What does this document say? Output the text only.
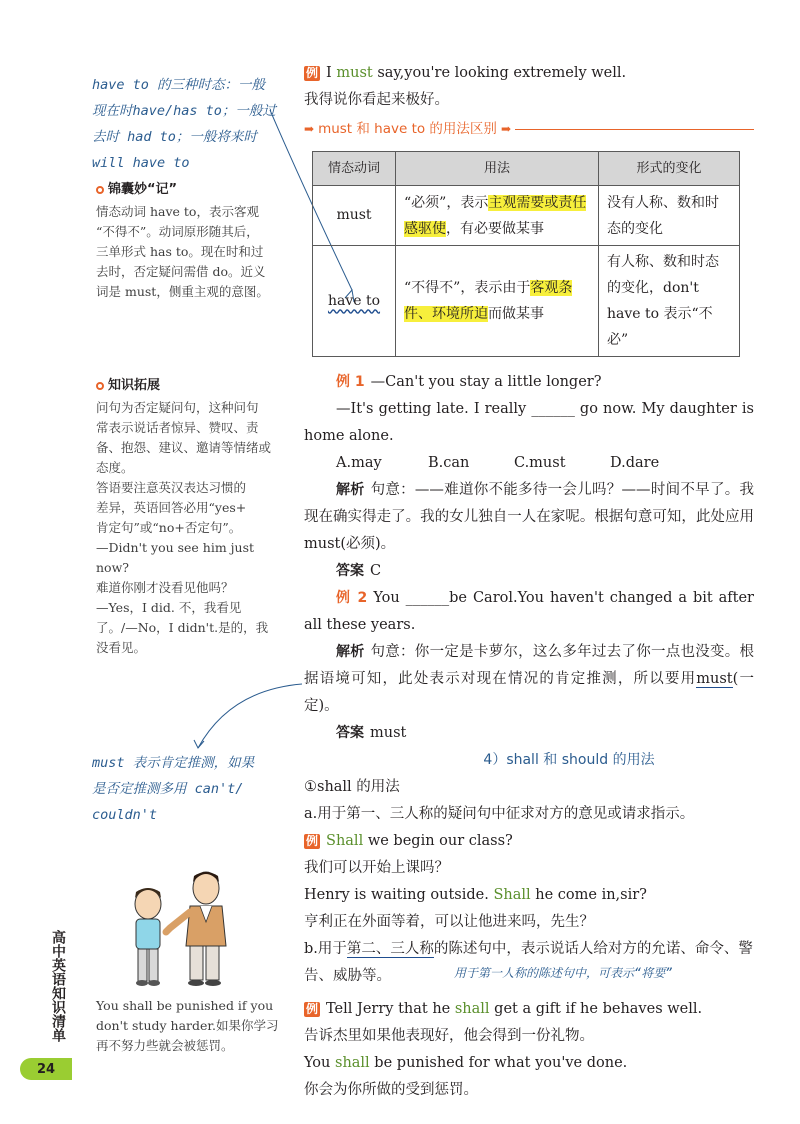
have to 的三种时态：一般
现在时have/has to；一般过
去时 had to；一般将来时
will have to
锦囊妙“记”
情态动词 have to，表示客观
“不得不”。动词原形随其后，
三单形式 has to。现在时和过
去时，否定疑问需借 do。近义
词是 must，侧重主观的意图。
知识拓展
问句为否定疑问句，这种问句
常表示说话者惊异、赞叹、责
备、抱怨、建议、邀请等情绪或
态度。
答语要注意英汉表达习惯的
差异，英语回答必用“yes+
肯定句”或“no+否定句”。
—Didn't you see him just now?
难道你刚才没看见他吗？
—Yes，I did. 不，我看见
了。/—No，I didn't.是的，我
没看见。
must 表示肯定推测，如果
是否定推测多用 can't/
couldn't
You shall be punished if you
don't study harder.如果你学习
再不努力些就会被惩罚。
高中英语知识清单
24

例 I must say,you're looking extremely well.

我得说你看起来极好。

➡ must 和 have to 的用法区别 ➡
情态动词	用法	形式的变化
must	“必须”，表示主观需要或责任感驱使，有必要做某事	没有人称、数和时态的变化
have to	“不得不”，表示由于客观条件、环境所迫而做某事	有人称、数和时态的变化，don't have to 表示“不必”

例 1 —Can't you stay a little longer?

—It's getting late. I really ______ go now. My daughter is home alone.

A.may	B.can	C.must	D.dare

解析 句意：——难道你不能多待一会儿吗？——时间不早了。我现在确实得走了。我的女儿独自一人在家呢。根据句意可知，此处应用 must(必须)。

答案 C

例 2 You ______be Carol.You haven't changed a bit after all these years.

解析 句意：你一定是卡萝尔，这么多年过去了你一点也没变。根据语境可知，此处表示对现在情况的肯定推测，所以要用must(一定)。

答案 must

4）shall 和 should 的用法

①shall 的用法

a.用于第一、三人称的疑问句中征求对方的意见或请求指示。

例 Shall we begin our class?

我们可以开始上课吗？

Henry is waiting outside. Shall he come in,sir?

亨利正在外面等着，可以让他进来吗，先生？

b.用于第二、三人称的陈述句中，表示说话人给对方的允诺、命令、警告、威胁等。	用于第一人称的陈述句中，可表示“将要”

例 Tell Jerry that he shall get a gift if he behaves well.

告诉杰里如果他表现好，他会得到一份礼物。

You shall be punished for what you've done.

你会为你所做的受到惩罚。
